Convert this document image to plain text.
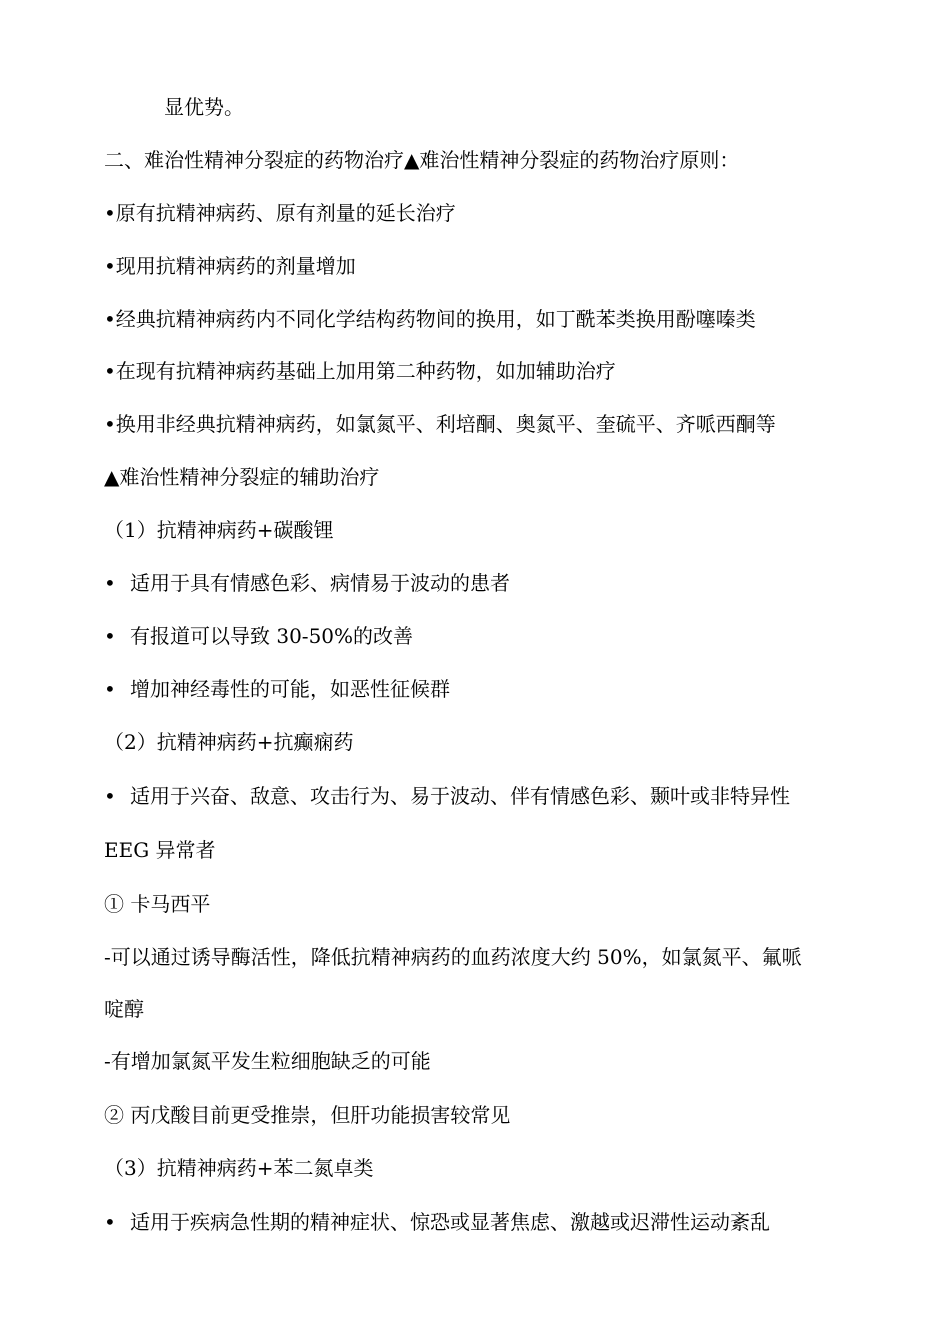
显优势。
二、难治性精神分裂症的药物治疗▲难治性精神分裂症的药物治疗原则：
•原有抗精神病药、原有剂量的延长治疗
•现用抗精神病药的剂量增加
•经典抗精神病药内不同化学结构药物间的换用，如丁酰苯类换用酚噻嗪类
•在现有抗精神病药基础上加用第二种药物，如加辅助治疗
•换用非经典抗精神病药，如氯氮平、利培酮、奥氮平、奎硫平、齐哌西酮等
▲难治性精神分裂症的辅助治疗
（1）抗精神病药+碳酸锂
• 适用于具有情感色彩、病情易于波动的患者
• 有报道可以导致 30-50%的改善
• 增加神经毒性的可能，如恶性征候群
（2）抗精神病药+抗癫痫药
• 适用于兴奋、敌意、攻击行为、易于波动、伴有情感色彩、颞叶或非特异性
EEG 异常者
① 卡马西平
-可以通过诱导酶活性，降低抗精神病药的血药浓度大约 50%，如氯氮平、氟哌
啶醇
-有增加氯氮平发生粒细胞缺乏的可能
② 丙戊酸目前更受推崇，但肝功能损害较常见
（3）抗精神病药+苯二氮卓类
• 适用于疾病急性期的精神症状、惊恐或显著焦虑、激越或迟滞性运动紊乱
